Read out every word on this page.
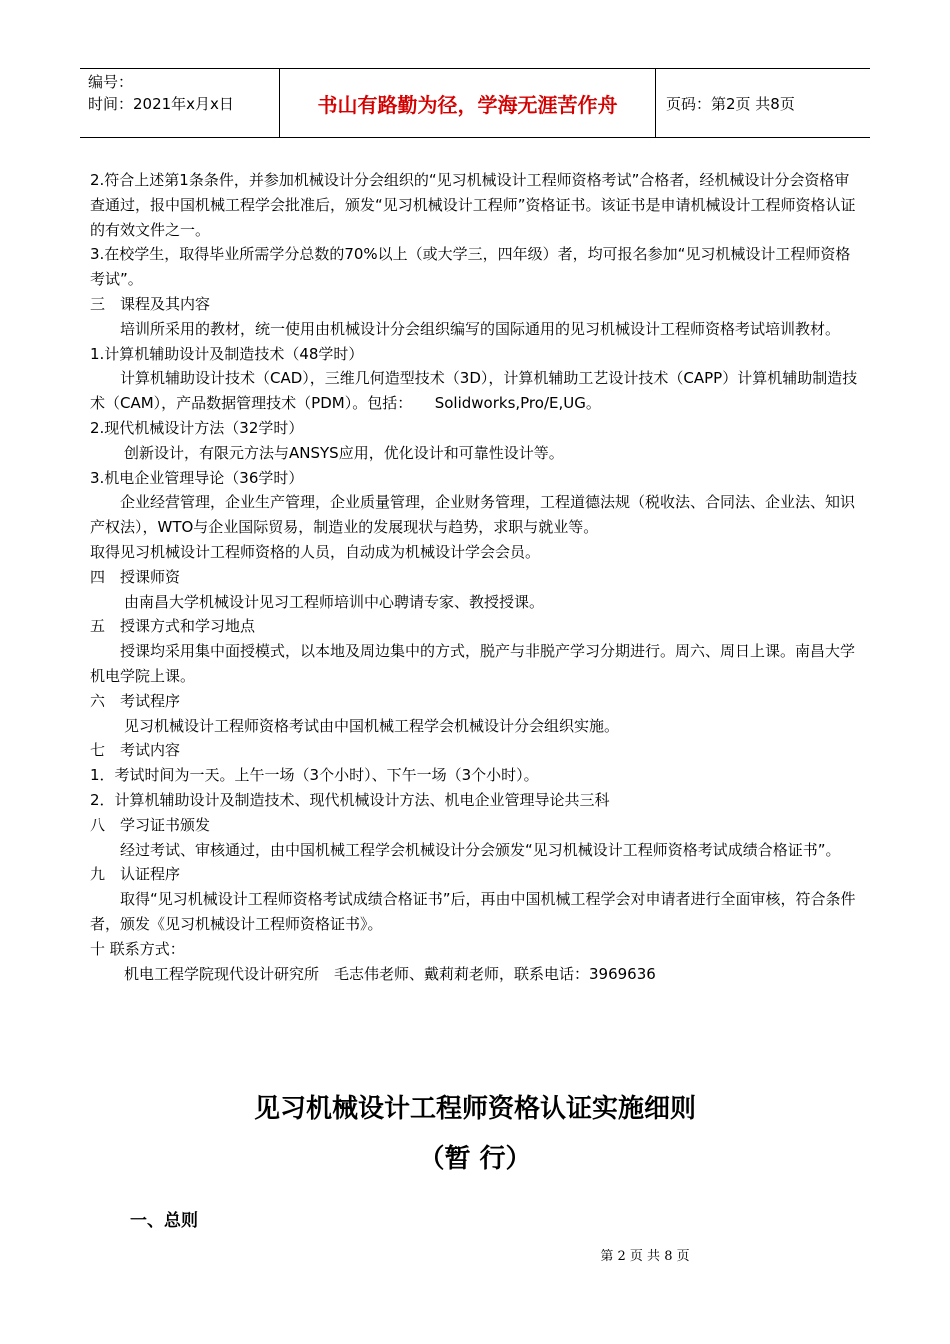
编号：
时间：2021年x月x日	书山有路勤为径，学海无涯苦作舟	页码：第2页 共8页

2.符合上述第1条条件，并参加机械设计分会组织的“见习机械设计工程师资格考试”合格者，经机械设计分会资格审查通过，报中国机械工程学会批准后，颁发“见习机械设计工程师”资格证书。该证书是申请机械设计工程师资格认证的有效文件之一。

3.在校学生，取得毕业所需学分总数的70%以上（或大学三，四年级）者，均可报名参加“见习机械设计工程师资格考试”。

三　课程及其内容

培训所采用的教材，统一使用由机械设计分会组织编写的国际通用的见习机械设计工程师资格考试培训教材。

1.计算机辅助设计及制造技术（48学时）

计算机辅助设计技术（CAD），三维几何造型技术（3D），计算机辅助工艺设计技术（CAPP）计算机辅助制造技术（CAM），产品数据管理技术（PDM）。包括：　　Solidworks,Pro/E,UG。

2.现代机械设计方法（32学时）

创新设计，有限元方法与ANSYS应用，优化设计和可靠性设计等。

3.机电企业管理导论（36学时）

企业经营管理，企业生产管理，企业质量管理，企业财务管理，工程道德法规（税收法、合同法、企业法、知识产权法），WTO与企业国际贸易，制造业的发展现状与趋势，求职与就业等。

取得见习机械设计工程师资格的人员，自动成为机械设计学会会员。

四　授课师资

由南昌大学机械设计见习工程师培训中心聘请专家、教授授课。

五　授课方式和学习地点

授课均采用集中面授模式，以本地及周边集中的方式，脱产与非脱产学习分期进行。周六、周日上课。南昌大学机电学院上课。

六　考试程序

见习机械设计工程师资格考试由中国机械工程学会机械设计分会组织实施。

七　考试内容

1．考试时间为一天。上午一场（3个小时）、下午一场（3个小时）。

2．计算机辅助设计及制造技术、现代机械设计方法、机电企业管理导论共三科

八　学习证书颁发

经过考试、审核通过，由中国机械工程学会机械设计分会颁发“见习机械设计工程师资格考试成绩合格证书”。

九　认证程序

取得“见习机械设计工程师资格考试成绩合格证书”后，再由中国机械工程学会对申请者进行全面审核，符合条件者，颁发《见习机械设计工程师资格证书》。

十 联系方式：

机电工程学院现代设计研究所　毛志伟老师、戴莉莉老师，联系电话：3969636

见习机械设计工程师资格认证实施细则
（暂 行）
一、总则
第 2 页 共 8 页
